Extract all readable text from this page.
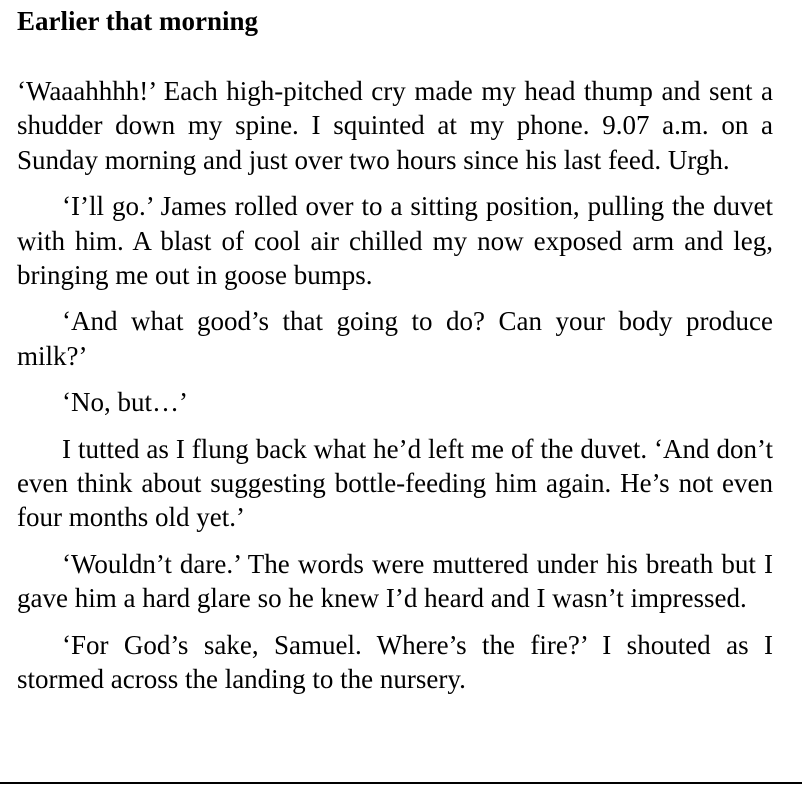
Earlier that morning

‘Waaahhhh!’ Each high-pitched cry made my head thump and sent a shudder down my spine. I squinted at my phone. 9.07 a.m. on a Sunday morning and just over two hours since his last feed. Urgh.

‘I’ll go.’ James rolled over to a sitting position, pulling the duvet with him. A blast of cool air chilled my now exposed arm and leg, bringing me out in goose bumps.

‘And what good’s that going to do? Can your body produce milk?’

‘No, but…’

I tutted as I flung back what he’d left me of the duvet. ‘And don’t even think about suggesting bottle-feeding him again. He’s not even four months old yet.’

‘Wouldn’t dare.’ The words were muttered under his breath but I gave him a hard glare so he knew I’d heard and I wasn’t impressed.

‘For God’s sake, Samuel. Where’s the fire?’ I shouted as I stormed across the landing to the nursery.
